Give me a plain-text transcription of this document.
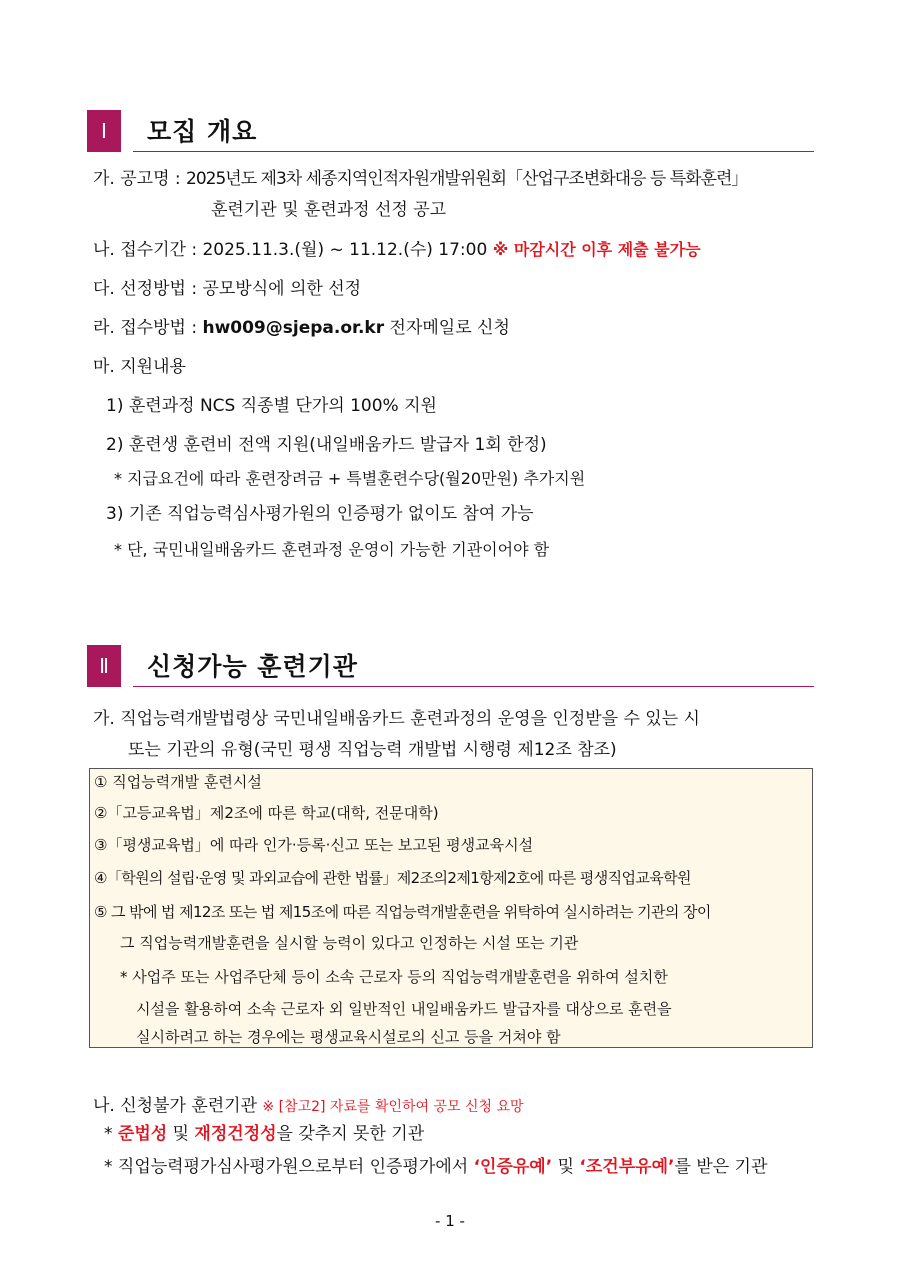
Ⅰ	모집 개요
가. 공고명 : 2025년도 제3차 세종지역인적자원개발위원회「산업구조변화대응 등 특화훈련」
훈련기관 및 훈련과정 선정 공고
나. 접수기간 : 2025.11.3.(월) ~ 11.12.(수) 17:00 ※ 마감시간 이후 제출 불가능
다. 선정방법 : 공모방식에 의한 선정
라. 접수방법 : hw009@sjepa.or.kr 전자메일로 신청
마. 지원내용
1) 훈련과정 NCS 직종별 단가의 100% 지원
2) 훈련생 훈련비 전액 지원(내일배움카드 발급자 1회 한정)
* 지급요건에 따라 훈련장려금 + 특별훈련수당(월20만원) 추가지원
3) 기존 직업능력심사평가원의 인증평가 없이도 참여 가능
* 단, 국민내일배움카드 훈련과정 운영이 가능한 기관이어야 함
Ⅱ	신청가능 훈련기관
가. 직업능력개발법령상 국민내일배움카드 훈련과정의 운영을 인정받을 수 있는 시
또는 기관의 유형(국민 평생 직업능력 개발법 시행령 제12조 참조)
① 직업능력개발 훈련시설
②「고등교육법」제2조에 따른 학교(대학, 전문대학)
③「평생교육법」에 따라 인가·등록·신고 또는 보고된 평생교육시설
④「학원의 설립·운영 및 과외교습에 관한 법률」제2조의2제1항제2호에 따른 평생직업교육학원
⑤ 그 밖에 법 제12조 또는 법 제15조에 따른 직업능력개발훈련을 위탁하여 실시하려는 기관의 장이
그 직업능력개발훈련을 실시할 능력이 있다고 인정하는 시설 또는 기관
* 사업주 또는 사업주단체 등이 소속 근로자 등의 직업능력개발훈련을 위하여 설치한
시설을 활용하여 소속 근로자 외 일반적인 내일배움카드 발급자를 대상으로 훈련을
실시하려고 하는 경우에는 평생교육시설로의 신고 등을 거쳐야 함
나. 신청불가 훈련기관 ※ [참고2] 자료를 확인하여 공모 신청 요망
* 준법성 및 재정건정성을 갖추지 못한 기관
* 직업능력평가심사평가원으로부터 인증평가에서 ‘인증유예’ 및 ‘조건부유예’를 받은 기관
- 1 -
